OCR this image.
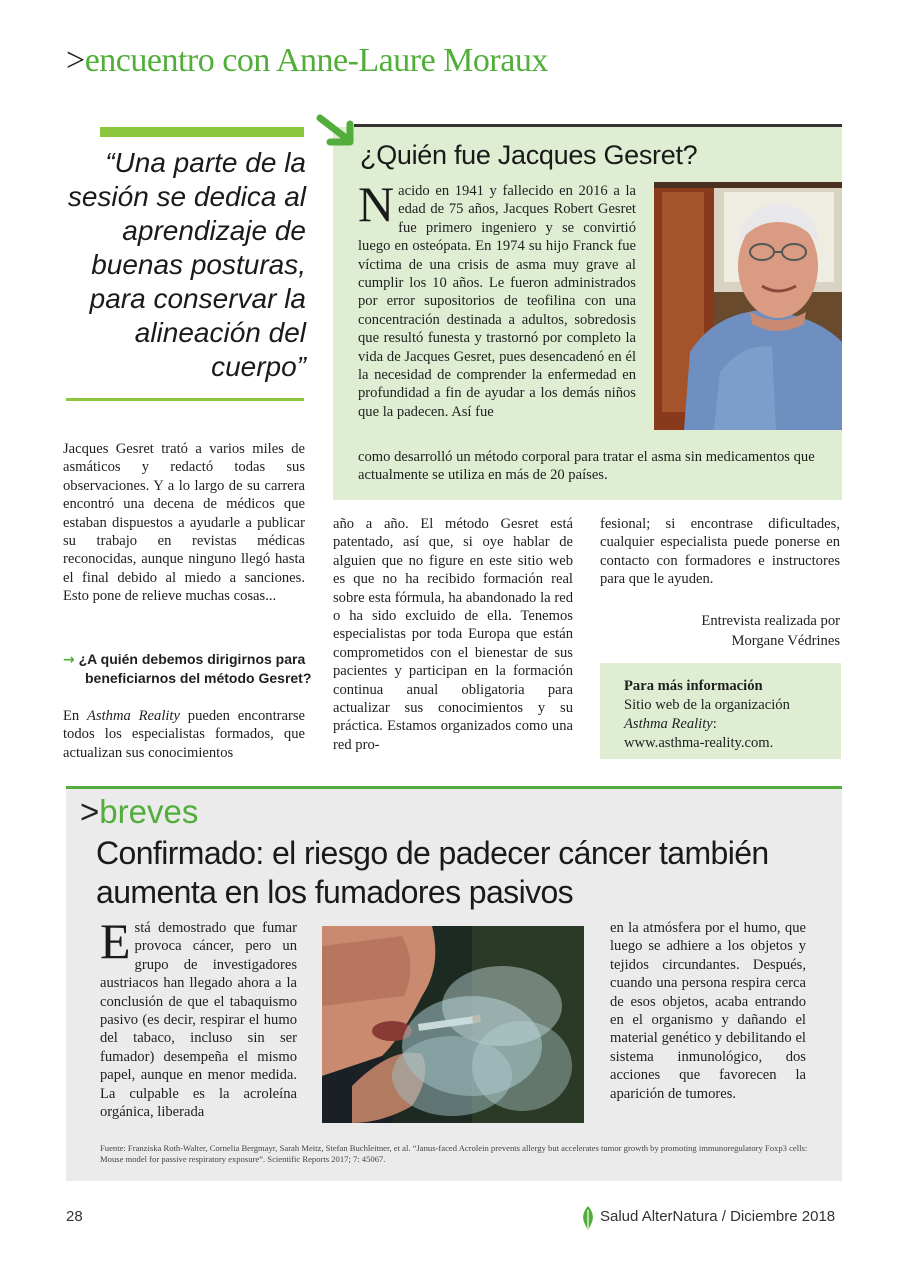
>encuentro con Anne-Laure Moraux
“Una parte de la sesión se dedica al aprendizaje de buenas posturas, para conservar la alineación del cuerpo”
¿Quién fue Jacques Gesret?
Nacido en 1941 y fallecido en 2016 a la edad de 75 años, Jacques Robert Gesret fue primero ingeniero y se convirtió luego en osteópata. En 1974 su hijo Franck fue víctima de una crisis de asma muy grave al cumplir los 10 años. Le fueron administrados por error supositorios de teofilina con una concentración destinada a adultos, sobredosis que resultó funesta y trastornó por completo la vida de Jacques Gesret, pues desencadenó en él la necesidad de comprender la enfermedad en profundidad a fin de ayudar a los demás niños que la padecen. Así fue
como desarrolló un método corporal para tratar el asma sin medicamentos que actualmente se utiliza en más de 20 países.
Jacques Gesret trató a varios miles de asmáticos y redactó todas sus observaciones. Y a lo largo de su carrera encontró una decena de médicos que estaban dispuestos a ayudarle a publicar su trabajo en revistas médicas reconocidas, aunque ninguno llegó hasta el final debido al miedo a sanciones. Esto pone de relieve muchas cosas...
→ ¿A quién debemos dirigirnos para beneficiarnos del método Gesret?
En Asthma Reality pueden encontrarse todos los especialistas formados, que actualizan sus conocimientos
año a año. El método Gesret está patentado, así que, si oye hablar de alguien que no figure en este sitio web es que no ha recibido formación real sobre esta fórmula, ha abandonado la red o ha sido excluido de ella. Tenemos especialistas por toda Europa que están comprometidos con el bienestar de sus pacientes y participan en la formación continua anual obligatoria para actualizar sus conocimientos y su práctica. Estamos organizados como una red pro-
fesional; si encontrase dificultades, cualquier especialista puede ponerse en contacto con formadores e instructores para que le ayuden.
Entrevista realizada por
Morgane Védrines
Para más información
Sitio web de la organización
Asthma Reality:
www.asthma-reality.com.
>breves
Confirmado: el riesgo de padecer cáncer también aumenta en los fumadores pasivos
Está demostrado que fumar provoca cáncer, pero un grupo de investigadores austriacos han llegado ahora a la conclusión de que el tabaquismo pasivo (es decir, respirar el humo del tabaco, incluso sin ser fumador) desempeña el mismo papel, aunque en menor medida. La culpable es la acroleína orgánica, liberada
en la atmósfera por el humo, que luego se adhiere a los objetos y tejidos circundantes. Después, cuando una persona respira cerca de esos objetos, acaba entrando en el organismo y dañando el material genético y debilitando el sistema inmunológico, dos acciones que favorecen la aparición de tumores.
Fuente: Franziska Roth-Walter, Cornelia Bergmayr, Sarah Meitz, Stefan Buchleitner, et al. “Janus-faced Acrolein prevents allergy but accelerates tumor growth by promoting immunoregulatory Foxp3 cells: Mouse model for passive respiratory exposure”. Scientific Reports 2017; 7: 45067.
28	Salud AlterNatura / Diciembre 2018
